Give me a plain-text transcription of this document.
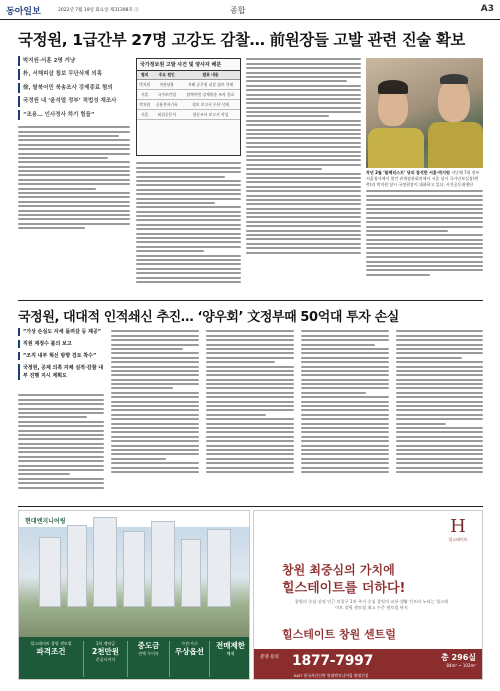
동아일보	2022년 7월 19일 화요일 제31398호 ⓐ	종합	A3
국정원, 1급간부 27명 고강도 감찰… 前원장들 고발 관련 진술 확보
박지원·서훈 2명 겨냥
朴, 서해피살 첩보 무단삭제 의혹
徐, 탈북어민 북송조사 강제종료 혐의
국정원 내 ‘윤석열 정부’ 적법성 재조사
“조용… 인사정사 하기 힘들”
국가정보원 고발 사건 및 양사자 배분
혐의	주요 원인	발표 내용
박지원	직권남용	서해 공무원 피살 첩보 삭제
서훈	국가보안법	탈북어민 강제북송 조사 종료
박지원	공용전자기록	첩보 보고서 무단 삭제
서훈	허위공문서	합동조사 보고서 작성
작년 2월 ‘블랙리스트’ 당의 참석한 서훈·박지원 지난해 7월 정부 서울청사에서 열린 관계장관회의에서 서훈 당시 국가안보실장(왼쪽)과 박지원 당시 국정원장이 대화하고 있다. 사진공동취재단
국정원, 대대적 인적쇄신 추진… ‘양우회’ 文정부때 50억대 투자 손실
“가상 손실도 자세 돌려갈 등 제공”
직원 재정수 불의 보고
“조직 내부 혁신 방향 검토 착수”
국정원, 공제 의혹 자체 실적·감찰 내부 진행 지시 계획도
현대엔지니어링
힐스테이트 창원 센트럴
파격조건
1차 계약금
2천만원
준공시까지
중도금
전액 무이자
가전·가구
무상옵션
전매제한
해제
H
힐스테이트
창원 최중심의 가치에
힐스테이트를 더하다!
창원의 중심 상권 인근 의창구 1차 주거 중심 창원의 교통·생활 인프라 누리는 힐스테이트 창원 센트럴 최고 수준 센트럴 단지
힐스테이트 창원 센트럴
분양 문의 1877-7997	총 296실
84m² ~ 102m²
KAIT 한국자산신탁 현대엔지니어링 현대건설
